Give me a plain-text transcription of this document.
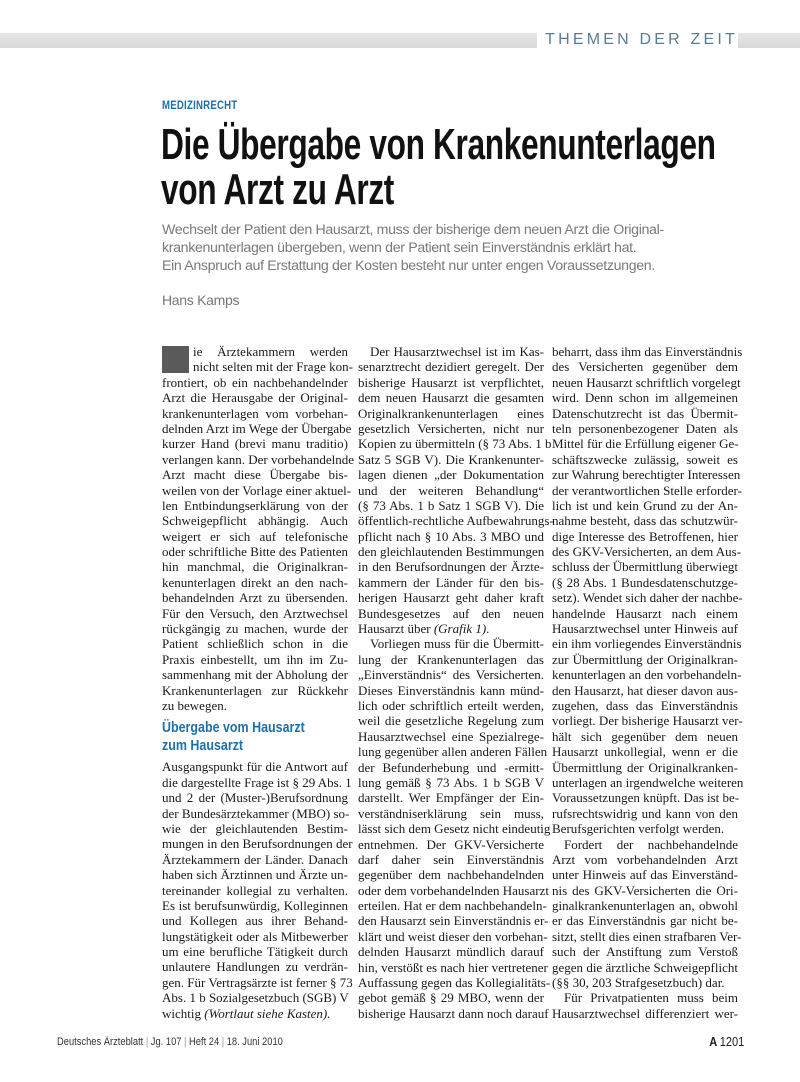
THEMEN DER ZEIT
MEDIZINRECHT
Die Übergabe von Krankenunterlagen
von Arzt zu Arzt
Wechselt der Patient den Hausarzt, muss der bisherige dem neuen Arzt die Original-
krankenunterlagen übergeben, wenn der Patient sein Einverständnis erklärt hat.
Ein Anspruch auf Erstattung der Kosten besteht nur unter engen Voraussetzungen.
Hans Kamps
D ie Ärztekammern werden
nicht selten mit der Frage kon-
frontiert, ob ein nachbehandelnder
Arzt die Herausgabe der Original-
krankenunterlagen vom vorbehan-
delnden Arzt im Wege der Übergabe
kurzer Hand (brevi manu traditio)
verlangen kann. Der vorbehandelnde
Arzt macht diese Übergabe bis-
weilen von der Vorlage einer aktuel-
len Entbindungserklärung von der
Schweigepflicht abhängig. Auch
weigert er sich auf telefonische
oder schriftliche Bitte des Patienten
hin manchmal, die Originalkran-
kenunterlagen direkt an den nach-
behandelnden Arzt zu übersenden.
Für den Versuch, den Arztwechsel
rückgängig zu machen, wurde der
Patient schließlich schon in die
Praxis einbestellt, um ihn im Zu-
sammenhang mit der Abholung der
Krankenunterlagen zur Rückkehr
zu bewegen.
Übergabe vom Hausarzt
zum Hausarzt
Ausgangspunkt für die Antwort auf
die dargestellte Frage ist § 29 Abs. 1
und 2 der (Muster-)Berufsordnung
der Bundesärztekammer (MBO) so-
wie der gleichlautenden Bestim-
mungen in den Berufsordnungen der
Ärztekammern der Länder. Danach
haben sich Ärztinnen und Ärzte un-
tereinander kollegial zu verhalten.
Es ist berufsunwürdig, Kolleginnen
und Kollegen aus ihrer Behand-
lungstätigkeit oder als Mitbewerber
um eine berufliche Tätigkeit durch
unlautere Handlungen zu verdrän-
gen. Für Vertragsärzte ist ferner § 73
Abs. 1 b Sozialgesetzbuch (SGB) V
wichtig (Wortlaut siehe Kasten).
Der Hausarztwechsel ist im Kas-
senarztrecht dezidiert geregelt. Der
bisherige Hausarzt ist verpflichtet,
dem neuen Hausarzt die gesamten
Originalkrankenunterlagen eines
gesetzlich Versicherten, nicht nur
Kopien zu übermitteln (§ 73 Abs. 1 b
Satz 5 SGB V). Die Krankenunter-
lagen dienen „der Dokumentation
und der weiteren Behandlung“
(§ 73 Abs. 1 b Satz 1 SGB V). Die
öffentlich-rechtliche Aufbewahrungs-
pflicht nach § 10 Abs. 3 MBO und
den gleichlautenden Bestimmungen
in den Berufsordnungen der Ärzte-
kammern der Länder für den bis-
herigen Hausarzt geht daher kraft
Bundesgesetzes auf den neuen
Hausarzt über (Grafik 1).
Vorliegen muss für die Übermitt-
lung der Krankenunterlagen das
„Einverständnis“ des Versicherten.
Dieses Einverständnis kann münd-
lich oder schriftlich erteilt werden,
weil die gesetzliche Regelung zum
Hausarztwechsel eine Spezialrege-
lung gegenüber allen anderen Fällen
der Befunderhebung und -ermitt-
lung gemäß § 73 Abs. 1 b SGB V
darstellt. Wer Empfänger der Ein-
verständniserklärung sein muss,
lässt sich dem Gesetz nicht eindeutig
entnehmen. Der GKV-Versicherte
darf daher sein Einverständnis
gegenüber dem nachbehandelnden
oder dem vorbehandelnden Hausarzt
erteilen. Hat er dem nachbehandeln-
den Hausarzt sein Einverständnis er-
klärt und weist dieser den vorbehan-
delnden Hausarzt mündlich darauf
hin, verstößt es nach hier vertretener
Auffassung gegen das Kollegialitäts-
gebot gemäß § 29 MBO, wenn der
bisherige Hausarzt dann noch darauf
beharrt, dass ihm das Einverständnis
des Versicherten gegenüber dem
neuen Hausarzt schriftlich vorgelegt
wird. Denn schon im allgemeinen
Datenschutzrecht ist das Übermit-
teln personenbezogener Daten als
Mittel für die Erfüllung eigener Ge-
schäftszwecke zulässig, soweit es
zur Wahrung berechtigter Interessen
der verantwortlichen Stelle erforder-
lich ist und kein Grund zu der An-
nahme besteht, dass das schutzwür-
dige Interesse des Betroffenen, hier
des GKV-Versicherten, an dem Aus-
schluss der Übermittlung überwiegt
(§ 28 Abs. 1 Bundesdatenschutzge-
setz). Wendet sich daher der nachbe-
handelnde Hausarzt nach einem
Hausarztwechsel unter Hinweis auf
ein ihm vorliegendes Einverständnis
zur Übermittlung der Originalkran-
kenunterlagen an den vorbehandeln-
den Hausarzt, hat dieser davon aus-
zugehen, dass das Einverständnis
vorliegt. Der bisherige Hausarzt ver-
hält sich gegenüber dem neuen
Hausarzt unkollegial, wenn er die
Übermittlung der Originalkranken-
unterlagen an irgendwelche weiteren
Voraussetzungen knüpft. Das ist be-
rufsrechtswidrig und kann von den
Berufsgerichten verfolgt werden.
Fordert der nachbehandelnde
Arzt vom vorbehandelnden Arzt
unter Hinweis auf das Einverständ-
nis des GKV-Versicherten die Ori-
ginalkrankenunterlagen an, obwohl
er das Einverständnis gar nicht be-
sitzt, stellt dies einen strafbaren Ver-
such der Anstiftung zum Verstoß
gegen die ärztliche Schweigepflicht
(§§ 30, 203 Strafgesetzbuch) dar.
Für Privatpatienten muss beim
Hausarztwechsel differenziert wer-
Deutsches Ärzteblatt | Jg. 107 | Heft 24 | 18. Juni 2010	A 1201
